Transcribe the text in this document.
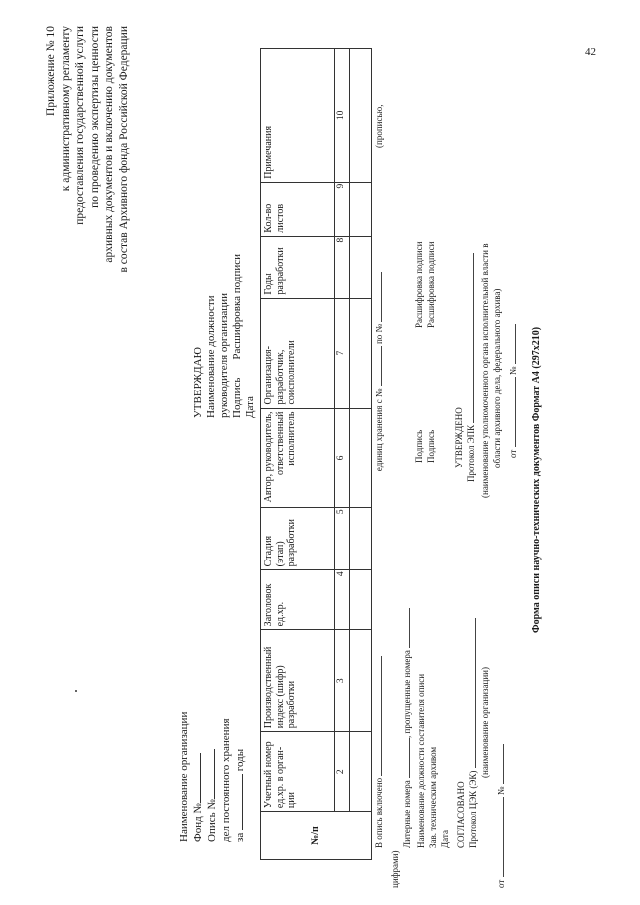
42
Приложение № 10 к административному регламенту предоставления государственной услуги по проведению экспертизы ценности архивных документов и включению документов в состав Архивного фонда Российской Федерации
УТВЕРЖДАЮ Наименование должности руководителя организации Подпись
Расшифровка подписи
Дата
Наименование организации Фонд № Опись № дел постоянного хранения за  годы
№/п	Учетный номер ед.хр. в орган-ции	Производственный индекс (шифр) разработки	Заголовок ед.хр.	Стадия (этап) разработки	Автор, руководитель, ответственный исполнитель	Организация-разработчик, соисполнители	Годы разработки	Кол-во листов	Примечания
	2	3	4	5	6	7	8	9	10

В опись включено   единиц хранения с №  по №
(прописью,
цифрами)
Литерные номера , пропущенные номера Наименование должности составителя описи
Подпись
Расшифровка подписи
Зав. техническим архивом
Подпись
Расшифровка подписи
Дата СОГЛАСОВАНО Протокол ЦЭК (ЭК)
(наименование организации)
от  №
УТВЕРЖДЕНО Протокол ЭПК (наименование уполномоченного органа исполнительной власти в области архивного дела, федерального архива) от  № Форма описи научно-технических документов Формат А4 (297х210)
